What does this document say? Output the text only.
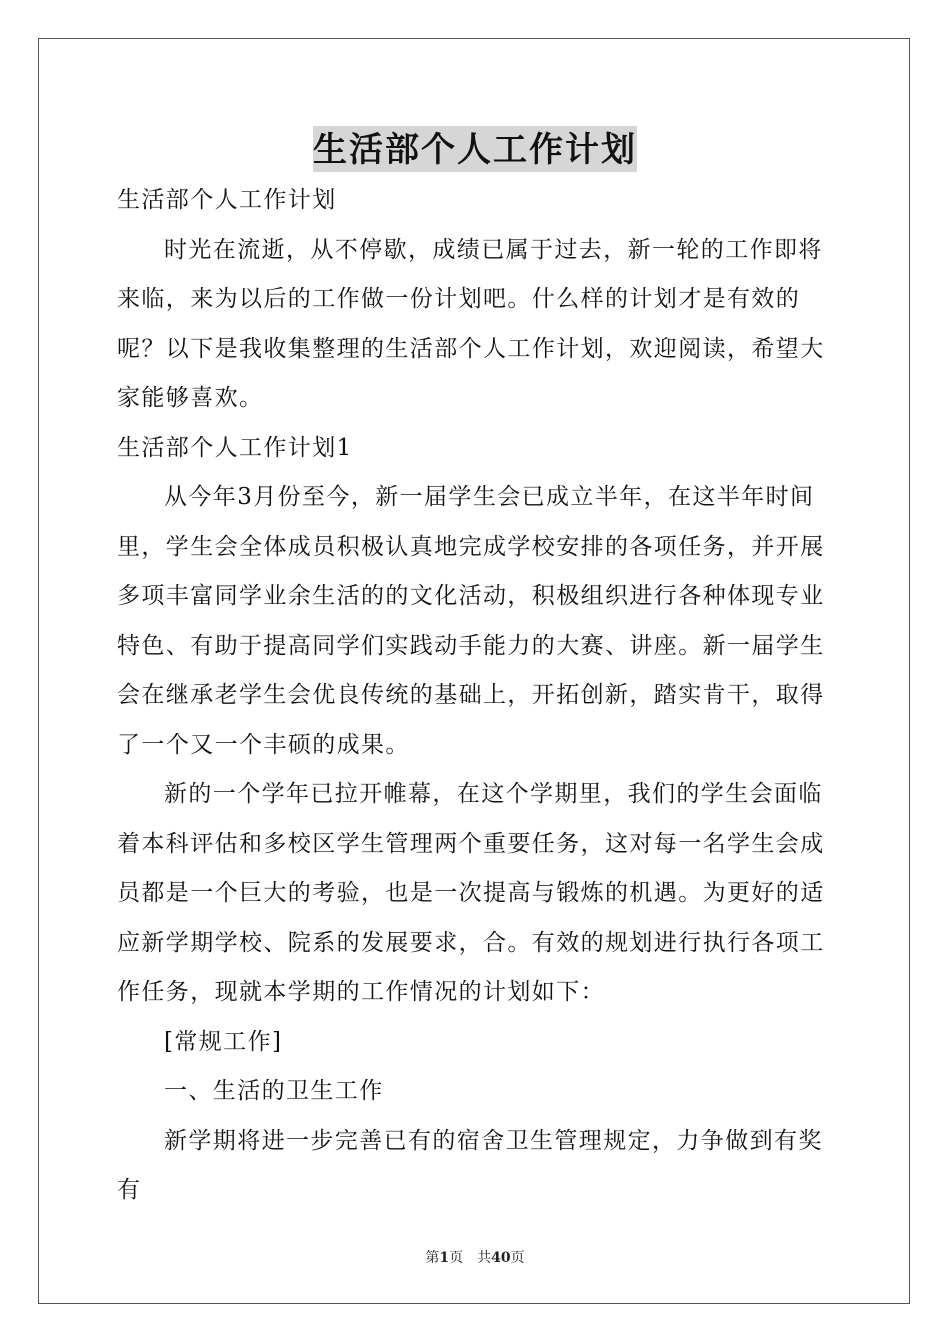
生活部个人工作计划

生活部个人工作计划

时光在流逝，从不停歇，成绩已属于过去，新一轮的工作即将来临，来为以后的工作做一份计划吧。什么样的计划才是有效的呢？以下是我收集整理的生活部个人工作计划，欢迎阅读，希望大家能够喜欢。

生活部个人工作计划1

从今年3月份至今，新一届学生会已成立半年，在这半年时间里，学生会全体成员积极认真地完成学校安排的各项任务，并开展多项丰富同学业余生活的的文化活动，积极组织进行各种体现专业特色、有助于提高同学们实践动手能力的大赛、讲座。新一届学生会在继承老学生会优良传统的基础上，开拓创新，踏实肯干，取得了一个又一个丰硕的成果。

新的一个学年已拉开帷幕，在这个学期里，我们的学生会面临着本科评估和多校区学生管理两个重要任务，这对每一名学生会成员都是一个巨大的考验，也是一次提高与锻炼的机遇。为更好的适应新学期学校、院系的发展要求，合。有效的规划进行执行各项工作任务，现就本学期的工作情况的计划如下：

[常规工作]

一、生活的卫生工作

新学期将进一步完善已有的宿舍卫生管理规定，力争做到有奖有

第1页 共40页
